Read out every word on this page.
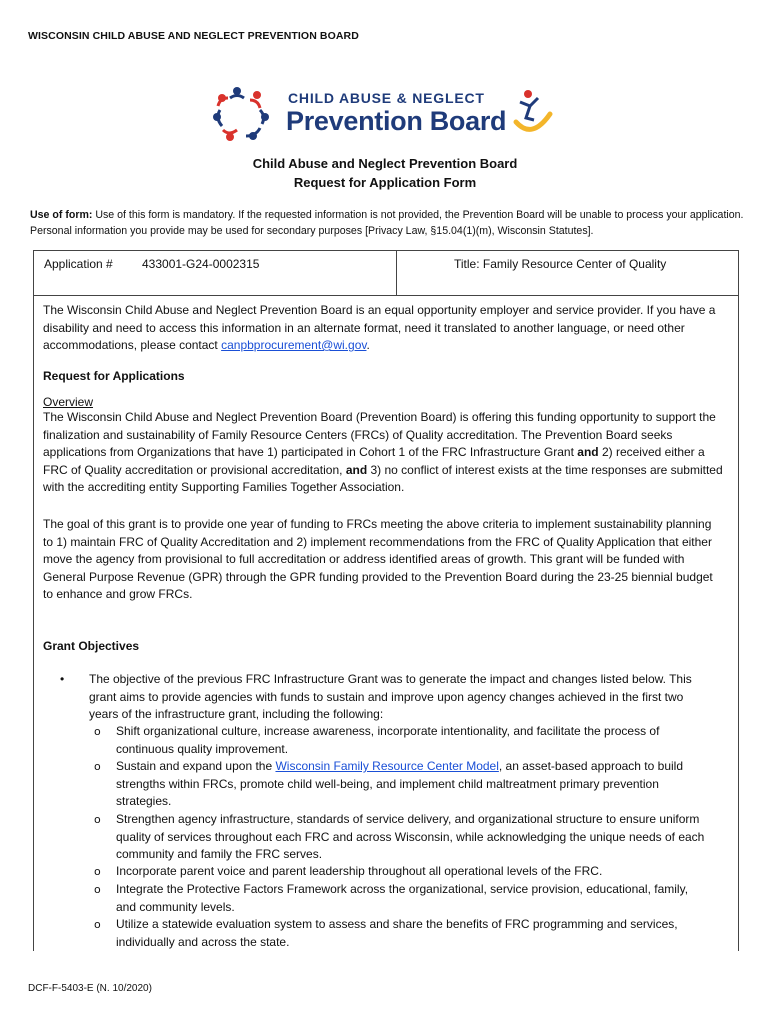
WISCONSIN CHILD ABUSE AND NEGLECT PREVENTION BOARD
CHILD ABUSE & NEGLECT
Prevention Board
Child Abuse and Neglect Prevention Board
Request for Application Form
Use of form: Use of this form is mandatory. If the requested information is not provided, the Prevention Board will be unable to process your application. Personal information you provide may be used for secondary purposes [Privacy Law, §15.04(1)(m), Wisconsin Statutes].
Application # 433001-G24-0002315	Title: Family Resource Center of Quality
The Wisconsin Child Abuse and Neglect Prevention Board is an equal opportunity employer and service provider. If you have a disability and need to access this information in an alternate format, need it translated to another language, or need other accommodations, please contact canpbprocurement@wi.gov.
Request for Applications
Overview
The Wisconsin Child Abuse and Neglect Prevention Board (Prevention Board) is offering this funding opportunity to support the finalization and sustainability of Family Resource Centers (FRCs) of Quality accreditation. The Prevention Board seeks applications from Organizations that have 1) participated in Cohort 1 of the FRC Infrastructure Grant and 2) received either a FRC of Quality accreditation or provisional accreditation, and 3) no conflict of interest exists at the time responses are submitted with the accrediting entity Supporting Families Together Association.
The goal of this grant is to provide one year of funding to FRCs meeting the above criteria to implement sustainability planning to 1) maintain FRC of Quality Accreditation and 2) implement recommendations from the FRC of Quality Application that either move the agency from provisional to full accreditation or address identified areas of growth. This grant will be funded with General Purpose Revenue (GPR) through the GPR funding provided to the Prevention Board during the 23-25 biennial budget to enhance and grow FRCs.
Grant Objectives
• The objective of the previous FRC Infrastructure Grant was to generate the impact and changes listed below. This grant aims to provide agencies with funds to sustain and improve upon agency changes achieved in the first two years of the infrastructure grant, including the following:
o Shift organizational culture, increase awareness, incorporate intentionality, and facilitate the process of continuous quality improvement.
o Sustain and expand upon the Wisconsin Family Resource Center Model, an asset-based approach to build strengths within FRCs, promote child well-being, and implement child maltreatment primary prevention strategies.
o Strengthen agency infrastructure, standards of service delivery, and organizational structure to ensure uniform quality of services throughout each FRC and across Wisconsin, while acknowledging the unique needs of each community and family the FRC serves.
o Incorporate parent voice and parent leadership throughout all operational levels of the FRC.
o Integrate the Protective Factors Framework across the organizational, service provision, educational, family, and community levels.
o Utilize a statewide evaluation system to assess and share the benefits of FRC programming and services, individually and across the state.
DCF-F-5403-E (N. 10/2020)
